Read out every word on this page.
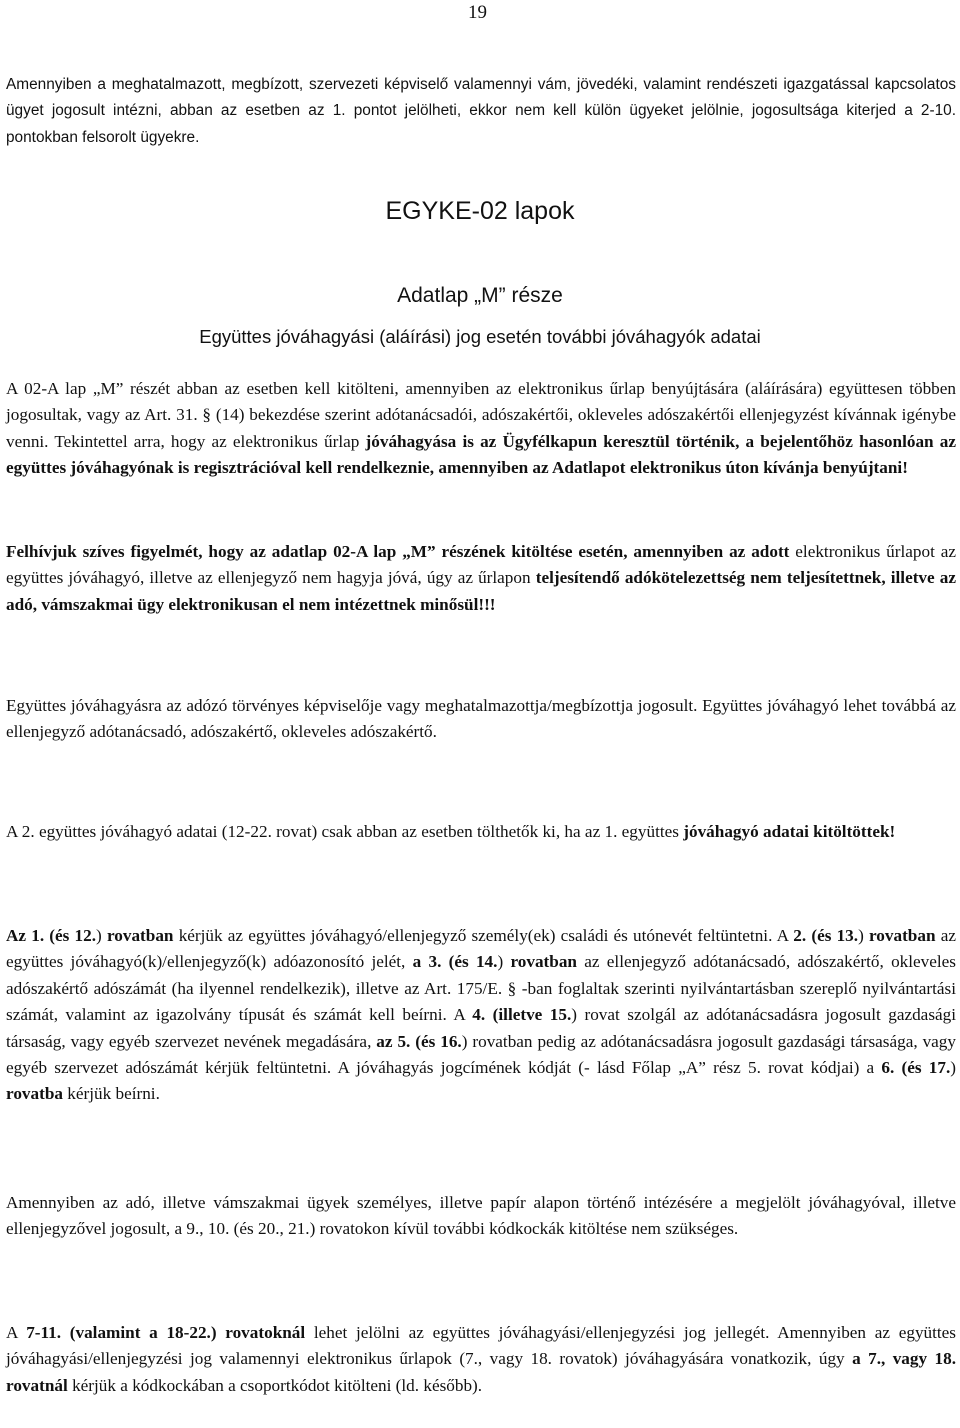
19

Amennyiben a meghatalmazott, megbízott, szervezeti képviselő valamennyi vám, jövedéki, valamint rendészeti igazgatással kapcsolatos ügyet jogosult intézni, abban az esetben az 1. pontot jelölheti, ekkor nem kell külön ügyeket jelölnie, jogosultsága kiterjed a 2-10. pontokban felsorolt ügyekre.

EGYKE-02 lapok
Adatlap „M” része
Együttes jóváhagyási (aláírási) jog esetén további jóváhagyók adatai

A 02-A lap „M” részét abban az esetben kell kitölteni, amennyiben az elektronikus űrlap benyújtására (aláírására) együttesen többen jogosultak, vagy az Art. 31. § (14) bekezdése szerint adótanácsadói, adószakértői, okleveles adószakértői ellenjegyzést kívánnak igénybe venni. Tekintettel arra, hogy az elektronikus űrlap jóváhagyása is az Ügyfélkapun keresztül történik, a bejelentőhöz hasonlóan az együttes jóváhagyónak is regisztrációval kell rendelkeznie, amennyiben az Adatlapot elektronikus úton kívánja benyújtani!

Felhívjuk szíves figyelmét, hogy az adatlap 02-A lap „M” részének kitöltése esetén, amennyiben az adott elektronikus űrlapot az együttes jóváhagyó, illetve az ellenjegyző nem hagyja jóvá, úgy az űrlapon teljesítendő adókötelezettség nem teljesítettnek, illetve az adó, vámszakmai ügy elektronikusan el nem intézettnek minősül!!!

Együttes jóváhagyásra az adózó törvényes képviselője vagy meghatalmazottja/megbízottja jogosult. Együttes jóváhagyó lehet továbbá az ellenjegyző adótanácsadó, adószakértő, okleveles adószakértő.

A 2. együttes jóváhagyó adatai (12-22. rovat) csak abban az esetben tölthetők ki, ha az 1. együttes jóváhagyó adatai kitöltöttek!

Az 1. (és 12.) rovatban kérjük az együttes jóváhagyó/ellenjegyző személy(ek) családi és utónevét feltüntetni. A 2. (és 13.) rovatban az együttes jóváhagyó(k)/ellenjegyző(k) adóazonosító jelét, a 3. (és 14.) rovatban az ellenjegyző adótanácsadó, adószakértő, okleveles adószakértő adószámát (ha ilyennel rendelkezik), illetve az Art. 175/E. § -ban foglaltak szerinti nyilvántartásban szereplő nyilvántartási számát, valamint az igazolvány típusát és számát kell beírni. A 4. (illetve 15.) rovat szolgál az adótanácsadásra jogosult gazdasági társaság, vagy egyéb szervezet nevének megadására, az 5. (és 16.) rovatban pedig az adótanácsadásra jogosult gazdasági társasága, vagy egyéb szervezet adószámát kérjük feltüntetni. A jóváhagyás jogcímének kódját (- lásd Főlap „A” rész 5. rovat kódjai) a 6. (és 17.) rovatba kérjük beírni.

Amennyiben az adó, illetve vámszakmai ügyek személyes, illetve papír alapon történő intézésére a megjelölt jóváhagyóval, illetve ellenjegyzővel jogosult, a 9., 10. (és 20., 21.) rovatokon kívül további kódkockák kitöltése nem szükséges.

A 7-11. (valamint a 18-22.) rovatoknál lehet jelölni az együttes jóváhagyási/ellenjegyzési jog jellegét. Amennyiben az együttes jóváhagyási/ellenjegyzési jog valamennyi elektronikus űrlapok (7., vagy 18. rovatok) jóváhagyására vonatkozik, úgy a 7., vagy 18. rovatnál kérjük a kódkockában a csoportkódot kitölteni (ld. később).
